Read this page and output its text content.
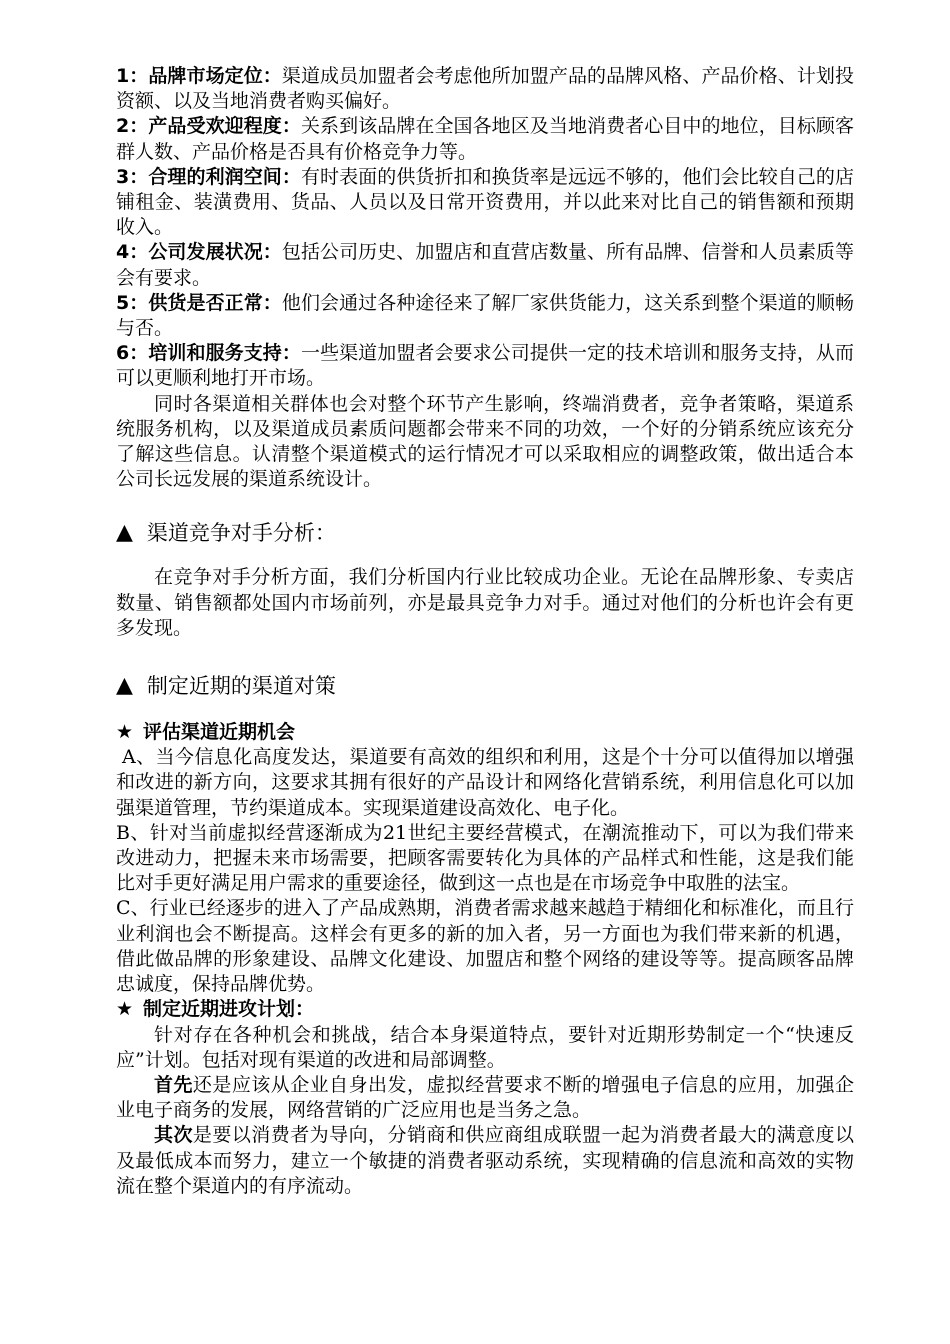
1：品牌市场定位：渠道成员加盟者会考虑他所加盟产品的品牌风格、产品价格、计划投资额、以及当地消费者购买偏好。

2：产品受欢迎程度：关系到该品牌在全国各地区及当地消费者心目中的地位，目标顾客群人数、产品价格是否具有价格竞争力等。

3：合理的利润空间：有时表面的供货折扣和换货率是远远不够的，他们会比较自己的店铺租金、装潢费用、货品、人员以及日常开资费用，并以此来对比自己的销售额和预期收入。

4：公司发展状况：包括公司历史、加盟店和直营店数量、所有品牌、信誉和人员素质等会有要求。

5：供货是否正常：他们会通过各种途径来了解厂家供货能力，这关系到整个渠道的顺畅与否。

6：培训和服务支持：一些渠道加盟者会要求公司提供一定的技术培训和服务支持，从而可以更顺利地打开市场。

同时各渠道相关群体也会对整个环节产生影响，终端消费者，竞争者策略，渠道系统服务机构，以及渠道成员素质问题都会带来不同的功效，一个好的分销系统应该充分了解这些信息。认清整个渠道模式的运行情况才可以采取相应的调整政策，做出适合本公司长远发展的渠道系统设计。

▲ 渠道竞争对手分析：

在竞争对手分析方面，我们分析国内行业比较成功企业。无论在品牌形象、专卖店数量、销售额都处国内市场前列，亦是最具竞争力对手。通过对他们的分析也许会有更多发现。

▲ 制定近期的渠道对策
★ 评估渠道近期机会

A、当今信息化高度发达，渠道要有高效的组织和利用，这是个十分可以值得加以增强和改进的新方向，这要求其拥有很好的产品设计和网络化营销系统，利用信息化可以加强渠道管理，节约渠道成本。实现渠道建设高效化、电子化。

B、针对当前虚拟经营逐渐成为21世纪主要经营模式，在潮流推动下，可以为我们带来改进动力，把握未来市场需要，把顾客需要转化为具体的产品样式和性能，这是我们能比对手更好满足用户需求的重要途径，做到这一点也是在市场竞争中取胜的法宝。

C、行业已经逐步的进入了产品成熟期，消费者需求越来越趋于精细化和标准化，而且行业利润也会不断提高。这样会有更多的新的加入者，另一方面也为我们带来新的机遇，借此做品牌的形象建设、品牌文化建设、加盟店和整个网络的建设等等。提高顾客品牌忠诚度，保持品牌优势。

★ 制定近期进攻计划：

针对存在各种机会和挑战，结合本身渠道特点，要针对近期形势制定一个“快速反应”计划。包括对现有渠道的改进和局部调整。

首先还是应该从企业自身出发，虚拟经营要求不断的增强电子信息的应用，加强企业电子商务的发展，网络营销的广泛应用也是当务之急。

其次是要以消费者为导向，分销商和供应商组成联盟一起为消费者最大的满意度以及最低成本而努力，建立一个敏捷的消费者驱动系统，实现精确的信息流和高效的实物流在整个渠道内的有序流动。
